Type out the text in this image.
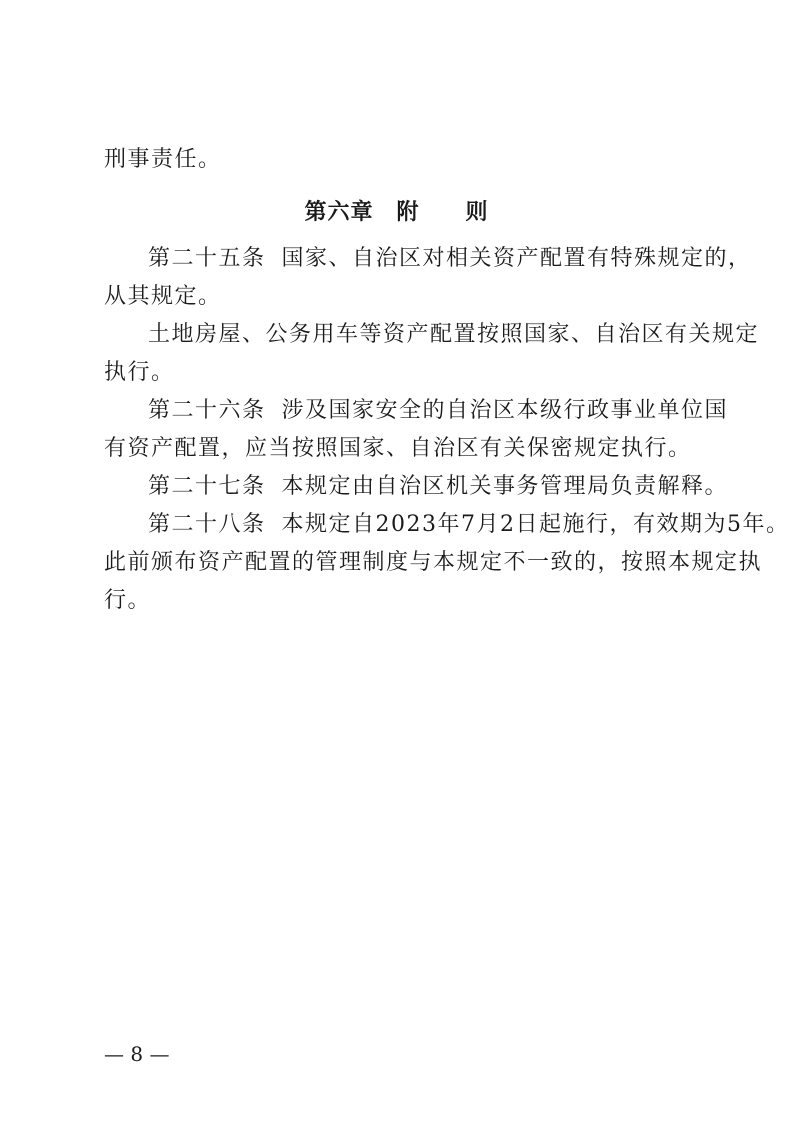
刑事责任。
第六章　附　　则
第二十五条 国家、自治区对相关资产配置有特殊规定的，
从其规定。
土地房屋、公务用车等资产配置按照国家、自治区有关规定
执行。
第二十六条 涉及国家安全的自治区本级行政事业单位国
有资产配置，应当按照国家、自治区有关保密规定执行。
第二十七条 本规定由自治区机关事务管理局负责解释。
第二十八条 本规定自2023年7月2日起施行，有效期为5年。
此前颁布资产配置的管理制度与本规定不一致的，按照本规定执
行。
— 8 —
